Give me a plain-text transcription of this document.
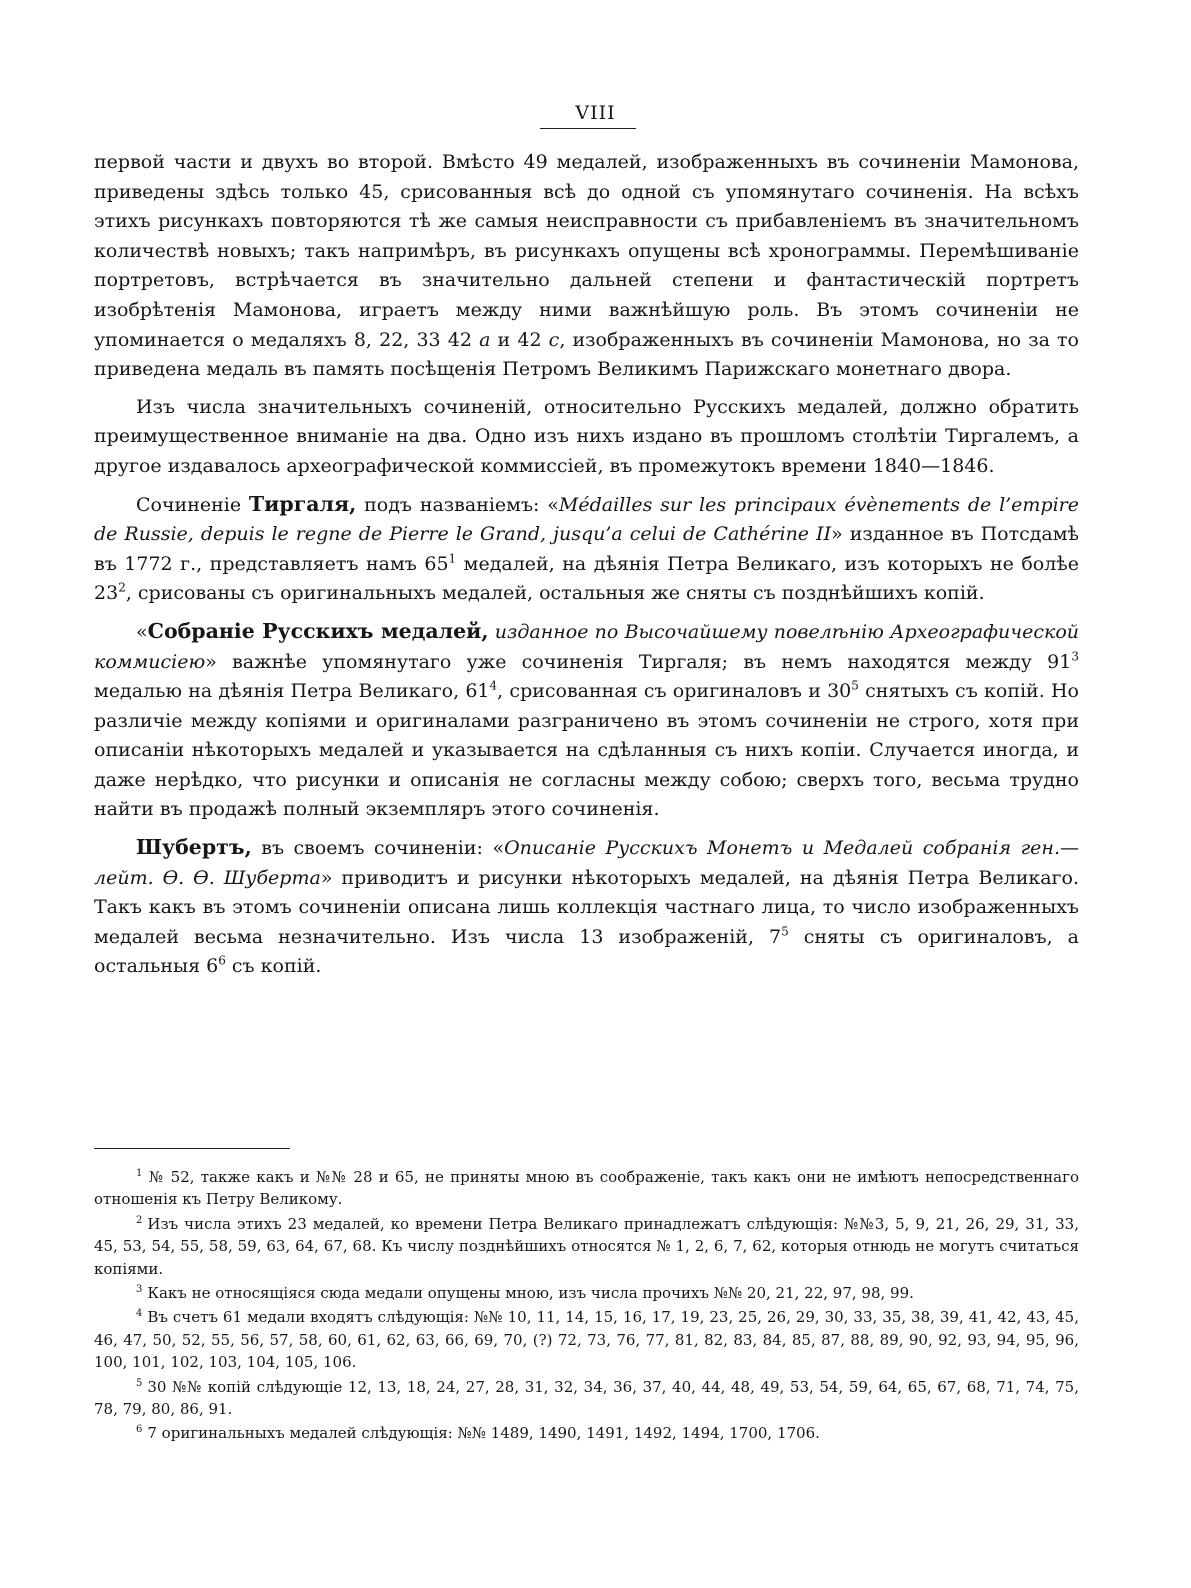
VIII

первой части и двухъ во второй. Вмѣсто 49 медалей, изображенныхъ въ сочиненіи Мамонова, приведены здѣсь только 45, срисованныя всѣ до одной съ упомянутаго сочиненія. На всѣхъ этихъ рисункахъ повторяются тѣ же самыя неисправности съ прибавленіемъ въ значительномъ количествѣ новыхъ; такъ напримѣръ, въ рисункахъ опущены всѣ хронограммы. Перемѣшиваніе портретовъ, встрѣчается въ значительно дальней степени и фантастическій портретъ изобрѣтенія Мамонова, играетъ между ними важнѣйшую роль. Въ этомъ сочиненіи не упоминается о медаляхъ 8, 22, 33 42 a и 42 c, изображенныхъ въ сочиненіи Мамонова, но за то приведена медаль въ память посѣщенія Петромъ Великимъ Парижскаго монетнаго двора.

Изъ числа значительныхъ сочиненій, относительно Русскихъ медалей, должно обратить преимущественное вниманіе на два. Одно изъ нихъ издано въ прошломъ столѣтіи Тиргалемъ, а другое издавалось археографической коммиссіей, въ промежутокъ времени 1840—1846.

Сочиненіе Тиргаля, подъ названіемъ: «Médailles sur les principaux évènements de l’empire de Russie, depuis le regne de Pierre le Grand, jusqu’a celui de Cathérine II» изданное въ Потсдамѣ въ 1772 г., представляетъ намъ $65^1$ медалей, на дѣянія Петра Великаго, изъ которыхъ не болѣе $23^2$, срисованы съ оригинальныхъ медалей, остальныя же сняты съ позднѣйшихъ копій.

«Собраніе Русскихъ медалей, изданное по Высочайшему повелѣнію Археографической коммисіею» важнѣе упомянутаго уже сочиненія Тиргаля; въ немъ находятся между $91^3$ медалью на дѣянія Петра Великаго, $61^4$, срисованная съ оригиналовъ и $30^5$ снятыхъ съ копій. Но различіе между копіями и оригиналами разграничено въ этомъ сочиненіи не строго, хотя при описаніи нѣкоторыхъ медалей и указывается на сдѣланныя съ нихъ копіи. Случается иногда, и даже нерѣдко, что рисунки и описанія не согласны между собою; сверхъ того, весьма трудно найти въ продажѣ полный экземпляръ этого сочиненія.

Шубертъ, въ своемъ сочиненіи: «Описаніе Русскихъ Монетъ и Медалей собранія ген.—лейт. Ѳ. Ѳ. Шуберта» приводитъ и рисунки нѣкоторыхъ медалей, на дѣянія Петра Великаго. Такъ какъ въ этомъ сочиненіи описана лишь коллекція частнаго лица, то число изображенныхъ медалей весьма незначительно. Изъ числа 13 изображеній, $7^5$ сняты съ оригиналовъ, а остальныя $6^6$ съ копій.

$^1$ № 52, также какъ и №№ 28 и 65, не приняты мною въ соображеніе, такъ какъ они не имѣютъ непосредственнаго отношенія къ Петру Великому.

$^2$ Изъ числа этихъ 23 медалей, ко времени Петра Великаго принадлежатъ слѣдующія: №№3, 5, 9, 21, 26, 29, 31, 33, 45, 53, 54, 55, 58, 59, 63, 64, 67, 68. Къ числу позднѣйшихъ относятся № 1, 2, 6, 7, 62, которыя отнюдь не могутъ считаться копіями.

$^3$ Какъ не относящіяся сюда медали опущены мною, изъ числа прочихъ №№ 20, 21, 22, 97, 98, 99.

$^4$ Въ счетъ 61 медали входятъ слѣдующія: №№ 10, 11, 14, 15, 16, 17, 19, 23, 25, 26, 29, 30, 33, 35, 38, 39, 41, 42, 43, 45, 46, 47, 50, 52, 55, 56, 57, 58, 60, 61, 62, 63, 66, 69, 70, (?) 72, 73, 76, 77, 81, 82, 83, 84, 85, 87, 88, 89, 90, 92, 93, 94, 95, 96, 100, 101, 102, 103, 104, 105, 106.

$^5$ 30 №№ копій слѣдующіе 12, 13, 18, 24, 27, 28, 31, 32, 34, 36, 37, 40, 44, 48, 49, 53, 54, 59, 64, 65, 67, 68, 71, 74, 75, 78, 79, 80, 86, 91.

$^6$ 7 оригинальныхъ медалей слѣдующія: №№ 1489, 1490, 1491, 1492, 1494, 1700, 1706.
